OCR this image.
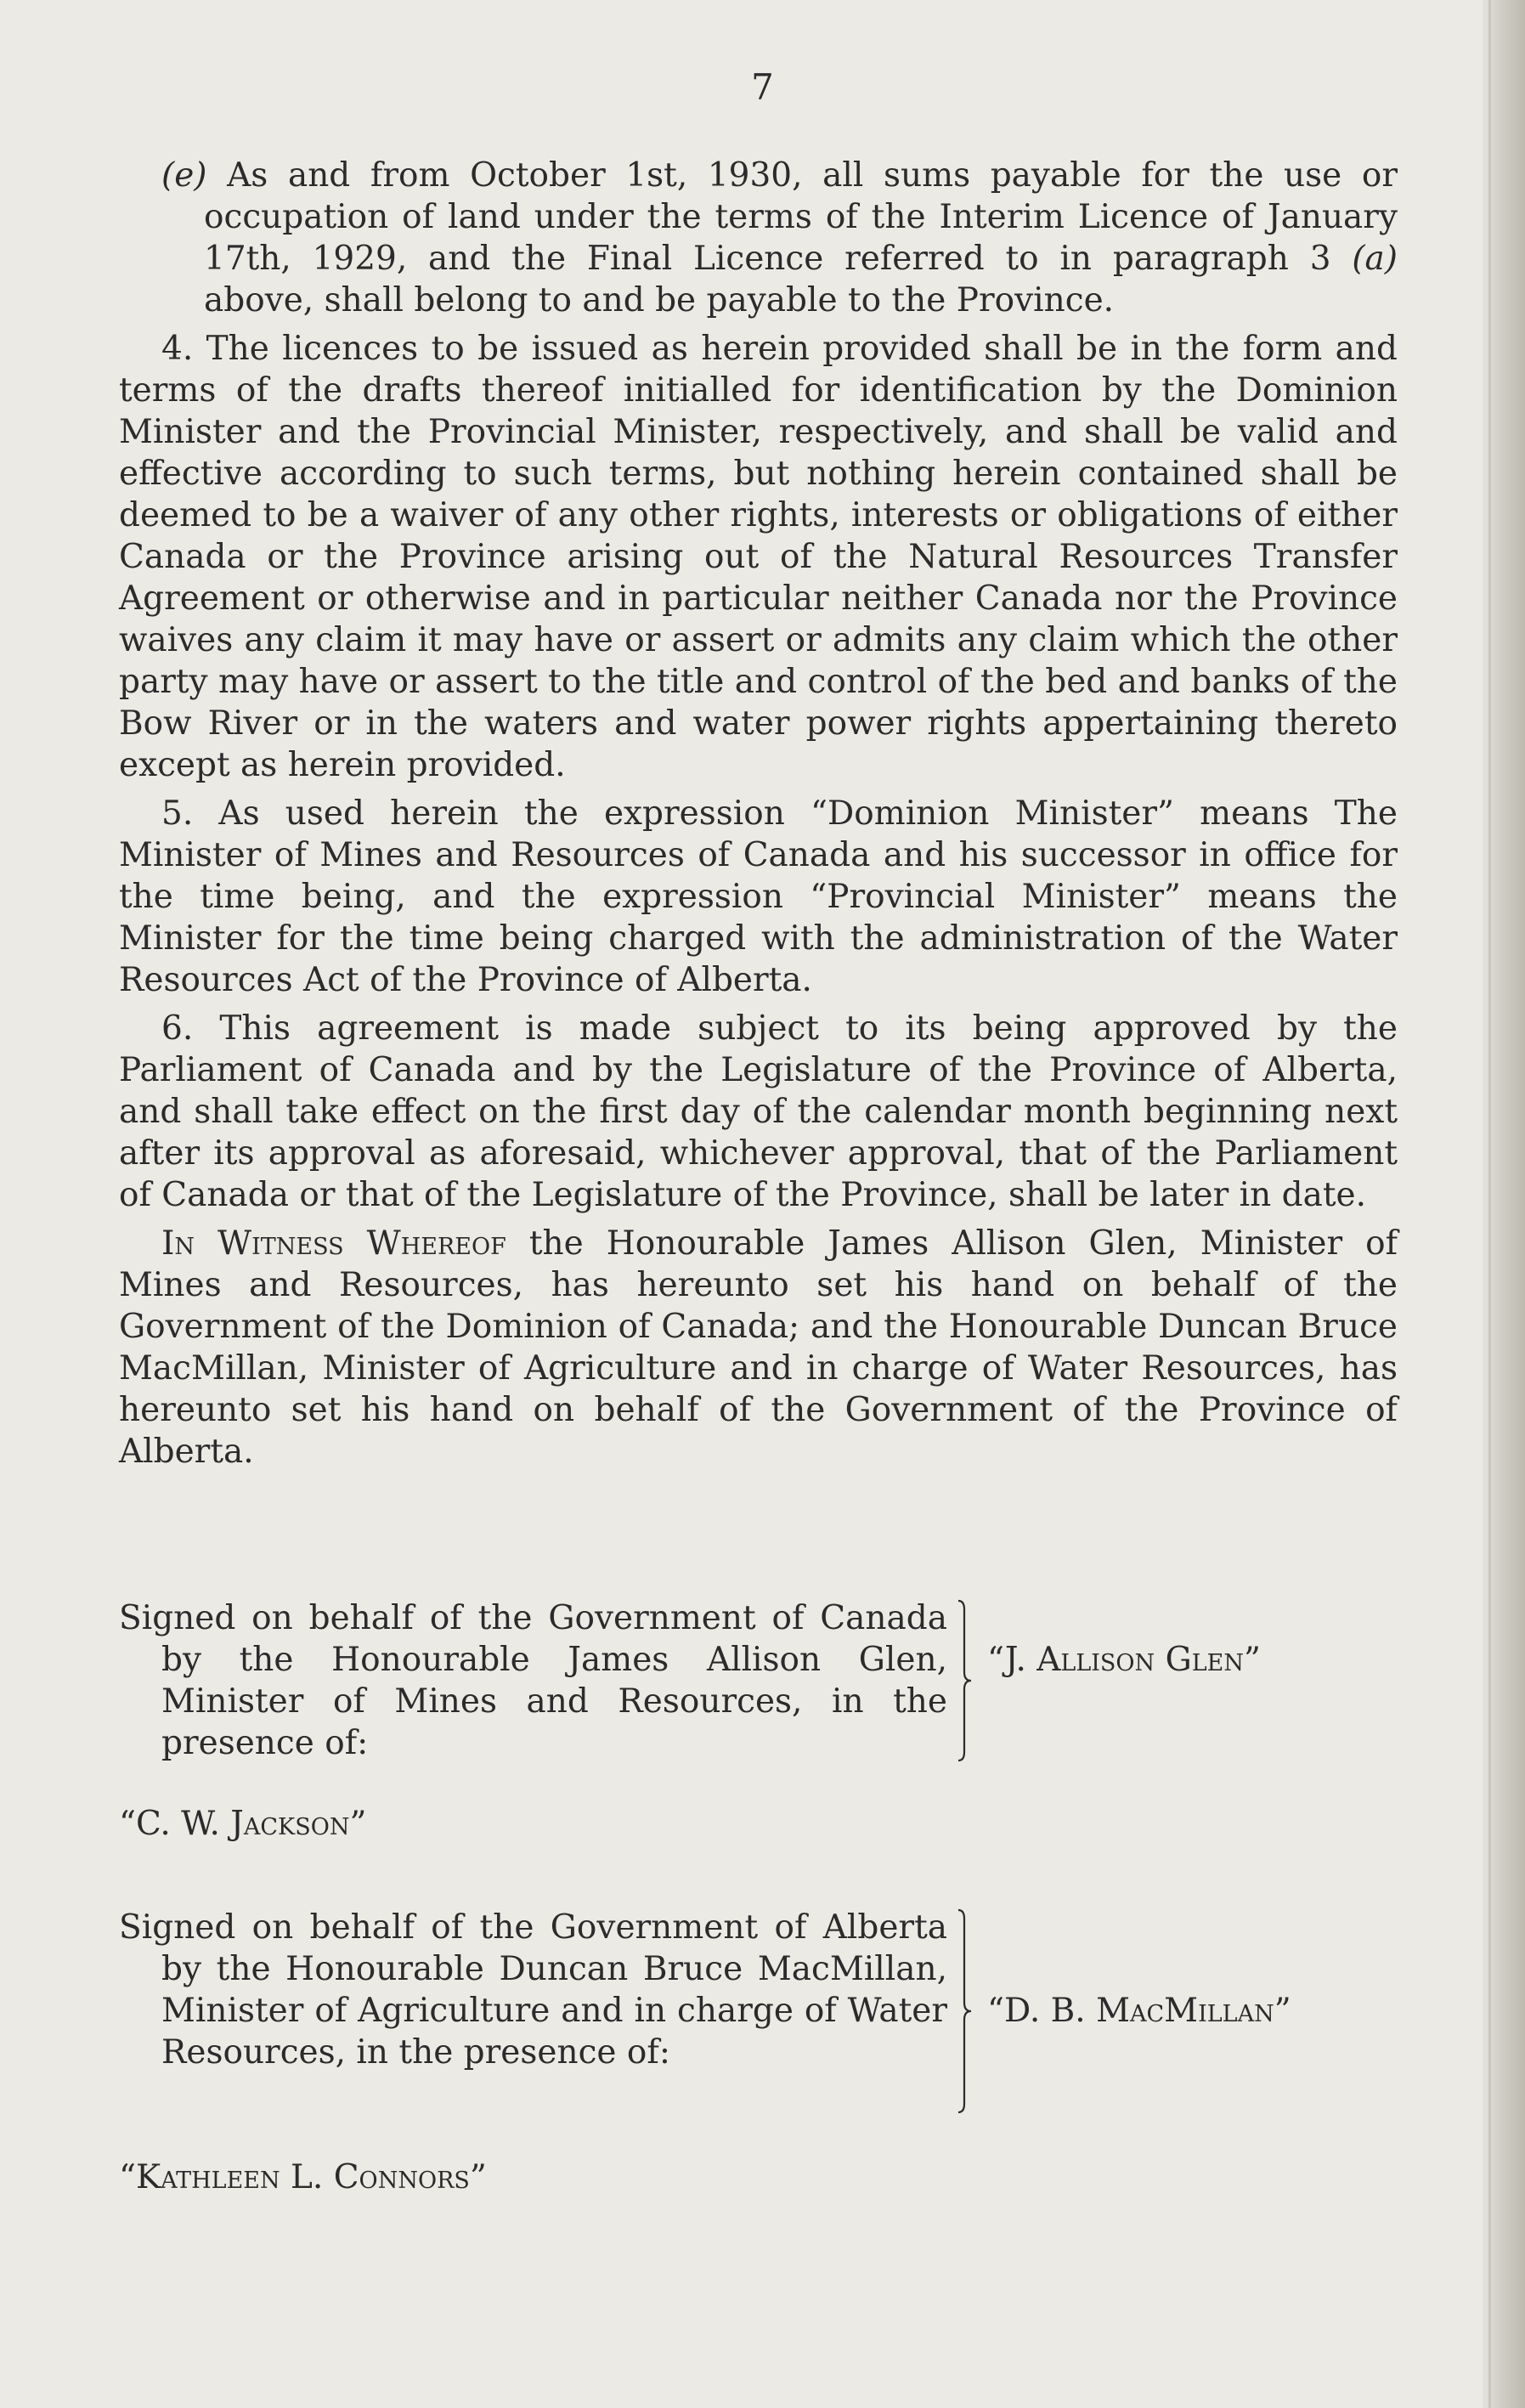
7

(e) As and from October 1st, 1930, all sums payable for the use or occupation of land under the terms of the Interim Licence of January 17th, 1929, and the Final Licence referred to in paragraph 3 (a) above, shall belong to and be payable to the Province.

4. The licences to be issued as herein provided shall be in the form and terms of the drafts thereof initialled for identification by the Dominion Minister and the Provincial Minister, respectively, and shall be valid and effective according to such terms, but nothing herein contained shall be deemed to be a waiver of any other rights, interests or obligations of either Canada or the Province arising out of the Natural Resources Transfer Agreement or otherwise and in particular neither Canada nor the Province waives any claim it may have or assert or admits any claim which the other party may have or assert to the title and control of the bed and banks of the Bow River or in the waters and water power rights appertaining thereto except as herein provided.

5. As used herein the expression “Dominion Minister” means The Minister of Mines and Resources of Canada and his successor in office for the time being, and the expression “Provincial Minister” means the Minister for the time being charged with the administration of the Water Resources Act of the Province of Alberta.

6. This agreement is made subject to its being approved by the Parliament of Canada and by the Legislature of the Province of Alberta, and shall take effect on the first day of the calendar month beginning next after its approval as aforesaid, whichever approval, that of the Parliament of Canada or that of the Legislature of the Province, shall be later in date.

In Witness Whereof the Honourable James Allison Glen, Minister of Mines and Resources, has hereunto set his hand on behalf of the Government of the Dominion of Canada; and the Honourable Duncan Bruce MacMillan, Minister of Agriculture and in charge of Water Resources, has hereunto set his hand on behalf of the Government of the Province of Alberta.

Signed on behalf of the Government of Canada by the Honourable James Allison Glen, Minister of Mines and Resources, in the presence of:
“J. Allison Glen”
“C. W. Jackson”
Signed on behalf of the Government of Alberta by the Honourable Duncan Bruce MacMillan, Minister of Agriculture and in charge of Water Resources, in the presence of:
“D. B. MacMillan”
“Kathleen L. Connors”
